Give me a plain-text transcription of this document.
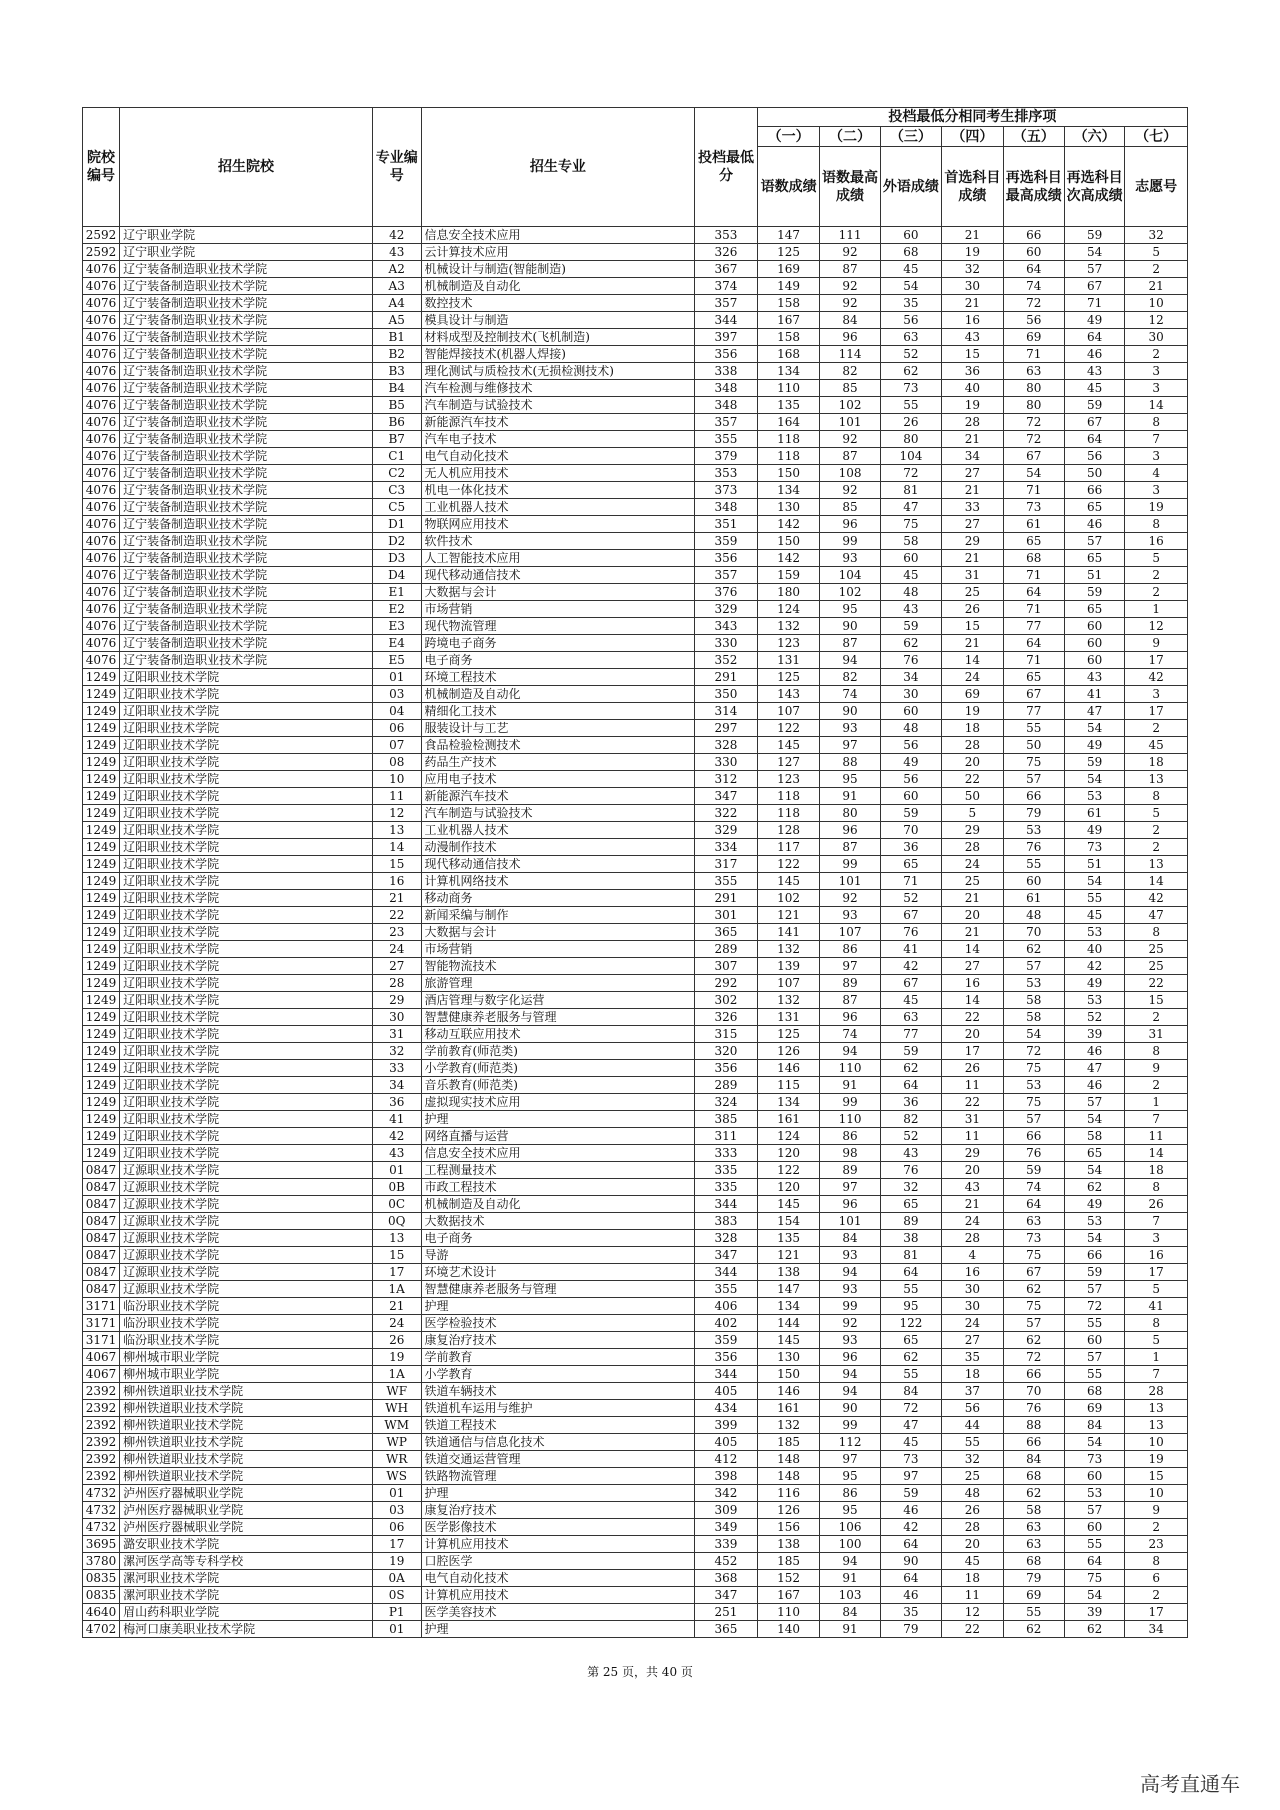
院校编号	招生院校	专业编号	招生专业	投档最低分	投档最低分相同考生排序项						
					（一）	（二）	（三）	（四）	（五）	（六）	（七）
					语数成绩	语数最高成绩	外语成绩	首选科目成绩	再选科目最高成绩	再选科目次高成绩	志愿号
2592	辽宁职业学院	42	信息安全技术应用	353	147	111	60	21	66	59	32
2592	辽宁职业学院	43	云计算技术应用	326	125	92	68	19	60	54	5
4076	辽宁装备制造职业技术学院	A2	机械设计与制造(智能制造)	367	169	87	45	32	64	57	2
4076	辽宁装备制造职业技术学院	A3	机械制造及自动化	374	149	92	54	30	74	67	21
4076	辽宁装备制造职业技术学院	A4	数控技术	357	158	92	35	21	72	71	10
4076	辽宁装备制造职业技术学院	A5	模具设计与制造	344	167	84	56	16	56	49	12
4076	辽宁装备制造职业技术学院	B1	材料成型及控制技术(飞机制造)	397	158	96	63	43	69	64	30
4076	辽宁装备制造职业技术学院	B2	智能焊接技术(机器人焊接)	356	168	114	52	15	71	46	2
4076	辽宁装备制造职业技术学院	B3	理化测试与质检技术(无损检测技术)	338	134	82	62	36	63	43	3
4076	辽宁装备制造职业技术学院	B4	汽车检测与维修技术	348	110	85	73	40	80	45	3
4076	辽宁装备制造职业技术学院	B5	汽车制造与试验技术	348	135	102	55	19	80	59	14
4076	辽宁装备制造职业技术学院	B6	新能源汽车技术	357	164	101	26	28	72	67	8
4076	辽宁装备制造职业技术学院	B7	汽车电子技术	355	118	92	80	21	72	64	7
4076	辽宁装备制造职业技术学院	C1	电气自动化技术	379	118	87	104	34	67	56	3
4076	辽宁装备制造职业技术学院	C2	无人机应用技术	353	150	108	72	27	54	50	4
4076	辽宁装备制造职业技术学院	C3	机电一体化技术	373	134	92	81	21	71	66	3
4076	辽宁装备制造职业技术学院	C5	工业机器人技术	348	130	85	47	33	73	65	19
4076	辽宁装备制造职业技术学院	D1	物联网应用技术	351	142	96	75	27	61	46	8
4076	辽宁装备制造职业技术学院	D2	软件技术	359	150	99	58	29	65	57	16
4076	辽宁装备制造职业技术学院	D3	人工智能技术应用	356	142	93	60	21	68	65	5
4076	辽宁装备制造职业技术学院	D4	现代移动通信技术	357	159	104	45	31	71	51	2
4076	辽宁装备制造职业技术学院	E1	大数据与会计	376	180	102	48	25	64	59	2
4076	辽宁装备制造职业技术学院	E2	市场营销	329	124	95	43	26	71	65	1
4076	辽宁装备制造职业技术学院	E3	现代物流管理	343	132	90	59	15	77	60	12
4076	辽宁装备制造职业技术学院	E4	跨境电子商务	330	123	87	62	21	64	60	9
4076	辽宁装备制造职业技术学院	E5	电子商务	352	131	94	76	14	71	60	17
1249	辽阳职业技术学院	01	环境工程技术	291	125	82	34	24	65	43	42
1249	辽阳职业技术学院	03	机械制造及自动化	350	143	74	30	69	67	41	3
1249	辽阳职业技术学院	04	精细化工技术	314	107	90	60	19	77	47	17
1249	辽阳职业技术学院	06	服装设计与工艺	297	122	93	48	18	55	54	2
1249	辽阳职业技术学院	07	食品检验检测技术	328	145	97	56	28	50	49	45
1249	辽阳职业技术学院	08	药品生产技术	330	127	88	49	20	75	59	18
1249	辽阳职业技术学院	10	应用电子技术	312	123	95	56	22	57	54	13
1249	辽阳职业技术学院	11	新能源汽车技术	347	118	91	60	50	66	53	8
1249	辽阳职业技术学院	12	汽车制造与试验技术	322	118	80	59	5	79	61	5
1249	辽阳职业技术学院	13	工业机器人技术	329	128	96	70	29	53	49	2
1249	辽阳职业技术学院	14	动漫制作技术	334	117	87	36	28	76	73	2
1249	辽阳职业技术学院	15	现代移动通信技术	317	122	99	65	24	55	51	13
1249	辽阳职业技术学院	16	计算机网络技术	355	145	101	71	25	60	54	14
1249	辽阳职业技术学院	21	移动商务	291	102	92	52	21	61	55	42
1249	辽阳职业技术学院	22	新闻采编与制作	301	121	93	67	20	48	45	47
1249	辽阳职业技术学院	23	大数据与会计	365	141	107	76	21	70	53	8
1249	辽阳职业技术学院	24	市场营销	289	132	86	41	14	62	40	25
1249	辽阳职业技术学院	27	智能物流技术	307	139	97	42	27	57	42	25
1249	辽阳职业技术学院	28	旅游管理	292	107	89	67	16	53	49	22
1249	辽阳职业技术学院	29	酒店管理与数字化运营	302	132	87	45	14	58	53	15
1249	辽阳职业技术学院	30	智慧健康养老服务与管理	326	131	96	63	22	58	52	2
1249	辽阳职业技术学院	31	移动互联应用技术	315	125	74	77	20	54	39	31
1249	辽阳职业技术学院	32	学前教育(师范类)	320	126	94	59	17	72	46	8
1249	辽阳职业技术学院	33	小学教育(师范类)	356	146	110	62	26	75	47	9
1249	辽阳职业技术学院	34	音乐教育(师范类)	289	115	91	64	11	53	46	2
1249	辽阳职业技术学院	36	虚拟现实技术应用	324	134	99	36	22	75	57	1
1249	辽阳职业技术学院	41	护理	385	161	110	82	31	57	54	7
1249	辽阳职业技术学院	42	网络直播与运营	311	124	86	52	11	66	58	11
1249	辽阳职业技术学院	43	信息安全技术应用	333	120	98	43	29	76	65	14
0847	辽源职业技术学院	01	工程测量技术	335	122	89	76	20	59	54	18
0847	辽源职业技术学院	0B	市政工程技术	335	120	97	32	43	74	62	8
0847	辽源职业技术学院	0C	机械制造及自动化	344	145	96	65	21	64	49	26
0847	辽源职业技术学院	0Q	大数据技术	383	154	101	89	24	63	53	7
0847	辽源职业技术学院	13	电子商务	328	135	84	38	28	73	54	3
0847	辽源职业技术学院	15	导游	347	121	93	81	4	75	66	16
0847	辽源职业技术学院	17	环境艺术设计	344	138	94	64	16	67	59	17
0847	辽源职业技术学院	1A	智慧健康养老服务与管理	355	147	93	55	30	62	57	5
3171	临汾职业技术学院	21	护理	406	134	99	95	30	75	72	41
3171	临汾职业技术学院	24	医学检验技术	402	144	92	122	24	57	55	8
3171	临汾职业技术学院	26	康复治疗技术	359	145	93	65	27	62	60	5
4067	柳州城市职业学院	19	学前教育	356	130	96	62	35	72	57	1
4067	柳州城市职业学院	1A	小学教育	344	150	94	55	18	66	55	7
2392	柳州铁道职业技术学院	WF	铁道车辆技术	405	146	94	84	37	70	68	28
2392	柳州铁道职业技术学院	WH	铁道机车运用与维护	434	161	90	72	56	76	69	13
2392	柳州铁道职业技术学院	WM	铁道工程技术	399	132	99	47	44	88	84	13
2392	柳州铁道职业技术学院	WP	铁道通信与信息化技术	405	185	112	45	55	66	54	10
2392	柳州铁道职业技术学院	WR	铁道交通运营管理	412	148	97	73	32	84	73	19
2392	柳州铁道职业技术学院	WS	铁路物流管理	398	148	95	97	25	68	60	15
4732	泸州医疗器械职业学院	01	护理	342	116	86	59	48	62	53	10
4732	泸州医疗器械职业学院	03	康复治疗技术	309	126	95	46	26	58	57	9
4732	泸州医疗器械职业学院	06	医学影像技术	349	156	106	42	28	63	60	2
3695	潞安职业技术学院	17	计算机应用技术	339	138	100	64	20	63	55	23
3780	漯河医学高等专科学校	19	口腔医学	452	185	94	90	45	68	64	8
0835	漯河职业技术学院	0A	电气自动化技术	368	152	91	64	18	79	75	6
0835	漯河职业技术学院	0S	计算机应用技术	347	167	103	46	11	69	54	2
4640	眉山药科职业学院	P1	医学美容技术	251	110	84	35	12	55	39	17
4702	梅河口康美职业技术学院	01	护理	365	140	91	79	22	62	62	34
第 25 页，共 40 页
高考直通车
